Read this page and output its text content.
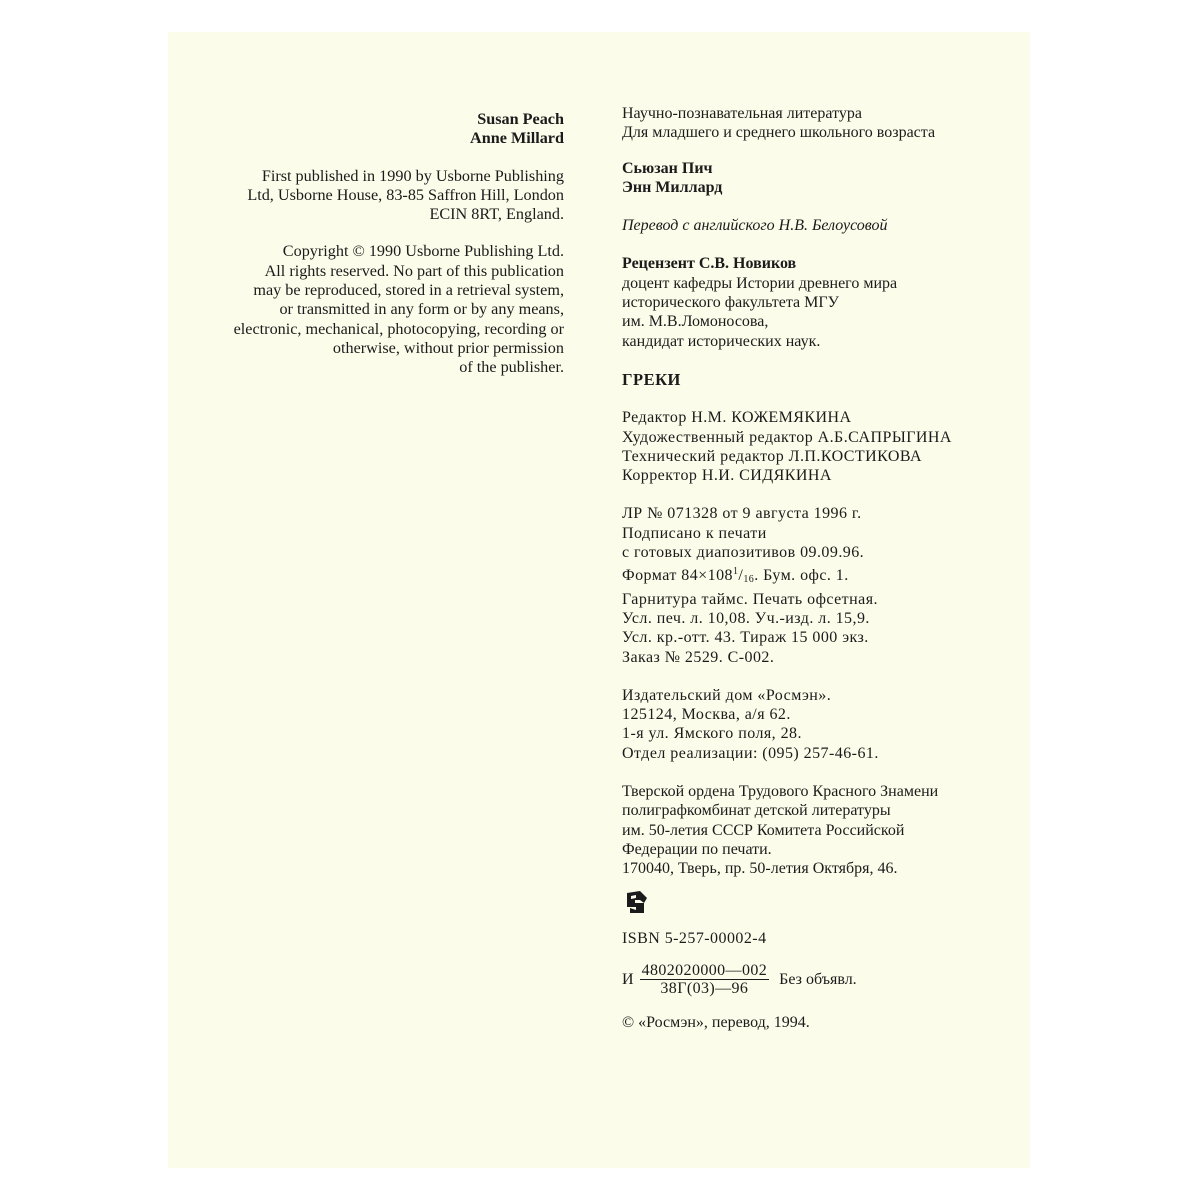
Susan Peach
Anne Millard
First published in 1990 by Usborne Publishing
Ltd, Usborne House, 83-85 Saffron Hill, London
ECIN 8RT, England.
Copyright © 1990 Usborne Publishing Ltd.
All rights reserved. No part of this publication
may be reproduced, stored in a retrieval system,
or transmitted in any form or by any means,
electronic, mechanical, photocopying, recording or
otherwise, without prior permission
of the publisher.
Научно-познавательная литература
Для младшего и среднего школьного возраста
Сьюзан Пич
Энн Миллард
Перевод с английского Н.В. Белоусовой
Рецензент С.В. Новиков
доцент кафедры Истории древнего мира
исторического факультета МГУ
им. М.В.Ломоносова,
кандидат исторических наук.
ГРЕКИ
Редактор Н.М. КОЖЕМЯКИНА
Художественный редактор А.Б.САПРЫГИНА
Технический редактор Л.П.КОСТИКОВА
Корректор Н.И. СИДЯКИНА
ЛР № 071328 от 9 августа 1996 г.
Подписано к печати
с готовых диапозитивов 09.09.96.
Формат $84\times 108^1/_{16}$. Бум. офс. 1.
Гарнитура таймс. Печать офсетная.
Усл. печ. л. 10,08. Уч.-изд. л. 15,9.
Усл. кр.-отт. 43. Тираж 15 000 экз.
Заказ № 2529. С-002.
Издательский дом «Росмэн».
125124, Москва, а/я 62.
1-я ул. Ямского поля, 28.
Отдел реализации: (095) 257-46-61.
Тверской ордена Трудового Красного Знамени
полиграфкомбинат детской литературы
им. 50-летия СССР Комитета Российской
Федерации по печати.
170040, Тверь, пр. 50-летия Октября, 46.
ISBN 5-257-00002-4
И $\frac{4802020000—002}{38Г(03)—96}$ Без объявл.
© «Росмэн», перевод, 1994.
